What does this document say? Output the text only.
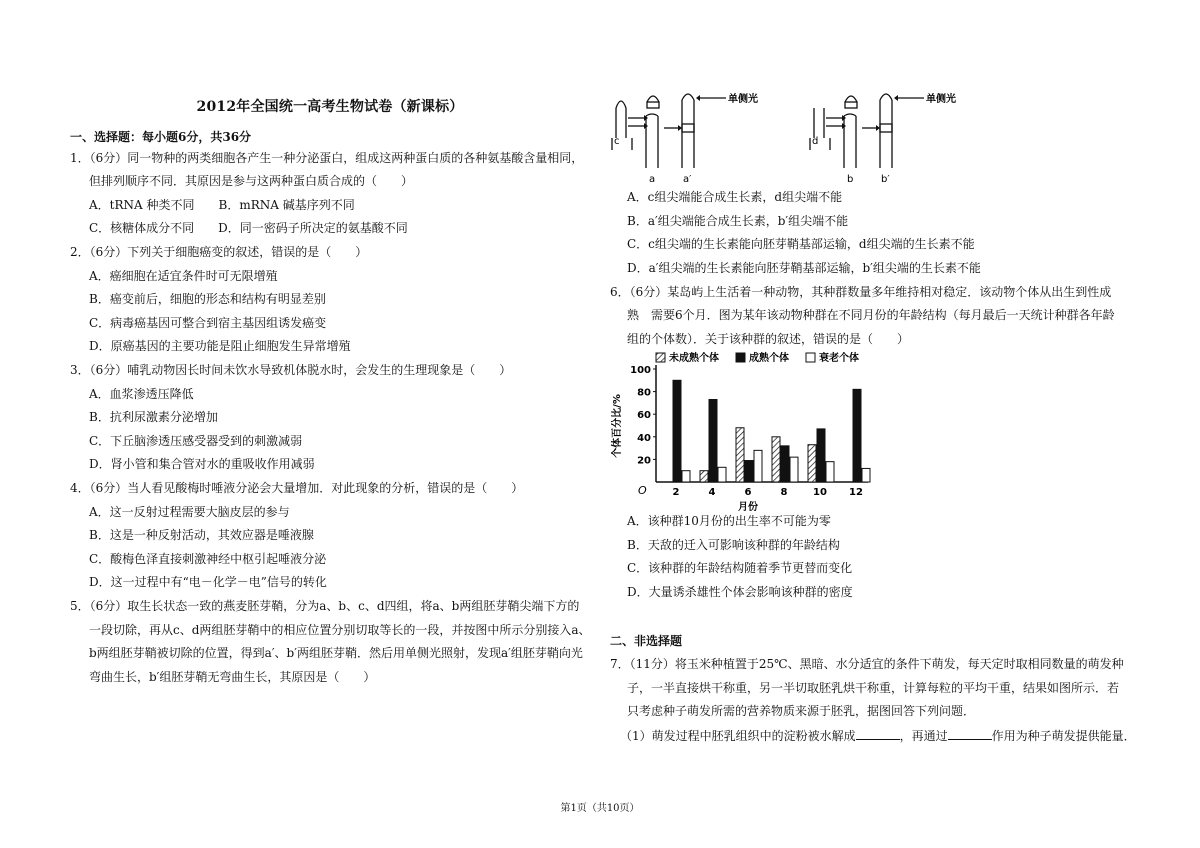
2012年全国统一高考生物试卷（新课标）
一、选择题：每小题6分，共36分
1．（6分）同一物种的两类细胞各产生一种分泌蛋白，组成这两种蛋白质的各种氨基酸含量相同，
但排列顺序不同．其原因是参与这两种蛋白质合成的（　　）
A．tRNA 种类不同　　B．mRNA 碱基序列不同
C．核糖体成分不同　　D．同一密码子所决定的氨基酸不同
2．（6分）下列关于细胞癌变的叙述，错误的是（　　）
A．癌细胞在适宜条件时可无限增殖
B．癌变前后，细胞的形态和结构有明显差别
C．病毒癌基因可整合到宿主基因组诱发癌变
D．原癌基因的主要功能是阻止细胞发生异常增殖
3．（6分）哺乳动物因长时间未饮水导致机体脱水时，会发生的生理现象是（　　）
A．血浆渗透压降低
B．抗利尿激素分泌增加
C．下丘脑渗透压感受器受到的刺激减弱
D．肾小管和集合管对水的重吸收作用减弱
4．（6分）当人看见酸梅时唾液分泌会大量增加．对此现象的分析，错误的是（　　）
A．这一反射过程需要大脑皮层的参与
B．这是一种反射活动，其效应器是唾液腺
C．酸梅色泽直接刺激神经中枢引起唾液分泌
D．这一过程中有“电－化学－电”信号的转化
5．（6分）取生长状态一致的燕麦胚芽鞘，分为a、b、c、d四组，将a、b两组胚芽鞘尖端下方的
一段切除，再从c、d两组胚芽鞘中的相应位置分别切取等长的一段，并按图中所示分别接入a、
b两组胚芽鞘被切除的位置，得到a′、b′两组胚芽鞘．然后用单侧光照射，发现a′组胚芽鞘向光
弯曲生长，b′组胚芽鞘无弯曲生长，其原因是（　　）
单侧光	单侧光
c
a	a′
d
b	b′
A．c组尖端能合成生长素，d组尖端不能
B．a′组尖端能合成生长素，b′组尖端不能
C．c组尖端的生长素能向胚芽鞘基部运输，d组尖端的生长素不能
D．a′组尖端的生长素能向胚芽鞘基部运输，b′组尖端的生长素不能
6．（6分）某岛屿上生活着一种动物，其种群数量多年维持相对稳定．该动物个体从出生到性成
熟　需要6个月．图为某年该动物种群在不同月份的年龄结构（每月最后一天统计种群各年龄
组的个体数）．关于该种群的叙述，错误的是（　　）
未成熟个体	成熟个体	衰老个体
个体百分比/%
O
20
40
60
80
100
2	4	6	8	10 12
月份
A．该种群10月份的出生率不可能为零
B．天敌的迁入可影响该种群的年龄结构
C．该种群的年龄结构随着季节更替而变化
D．大量诱杀雄性个体会影响该种群的密度
二、非选择题
7．（11分）将玉米种植置于25℃、黑暗、水分适宜的条件下萌发，每天定时取相同数量的萌发种
子，一半直接烘干称重，另一半切取胚乳烘干称重，计算每粒的平均干重，结果如图所示．若
只考虑种子萌发所需的营养物质来源于胚乳，据图回答下列问题．
（1）萌发过程中胚乳组织中的淀粉被水解成	，再通过	作用为种子萌发提供能量．
第1页（共10页）
